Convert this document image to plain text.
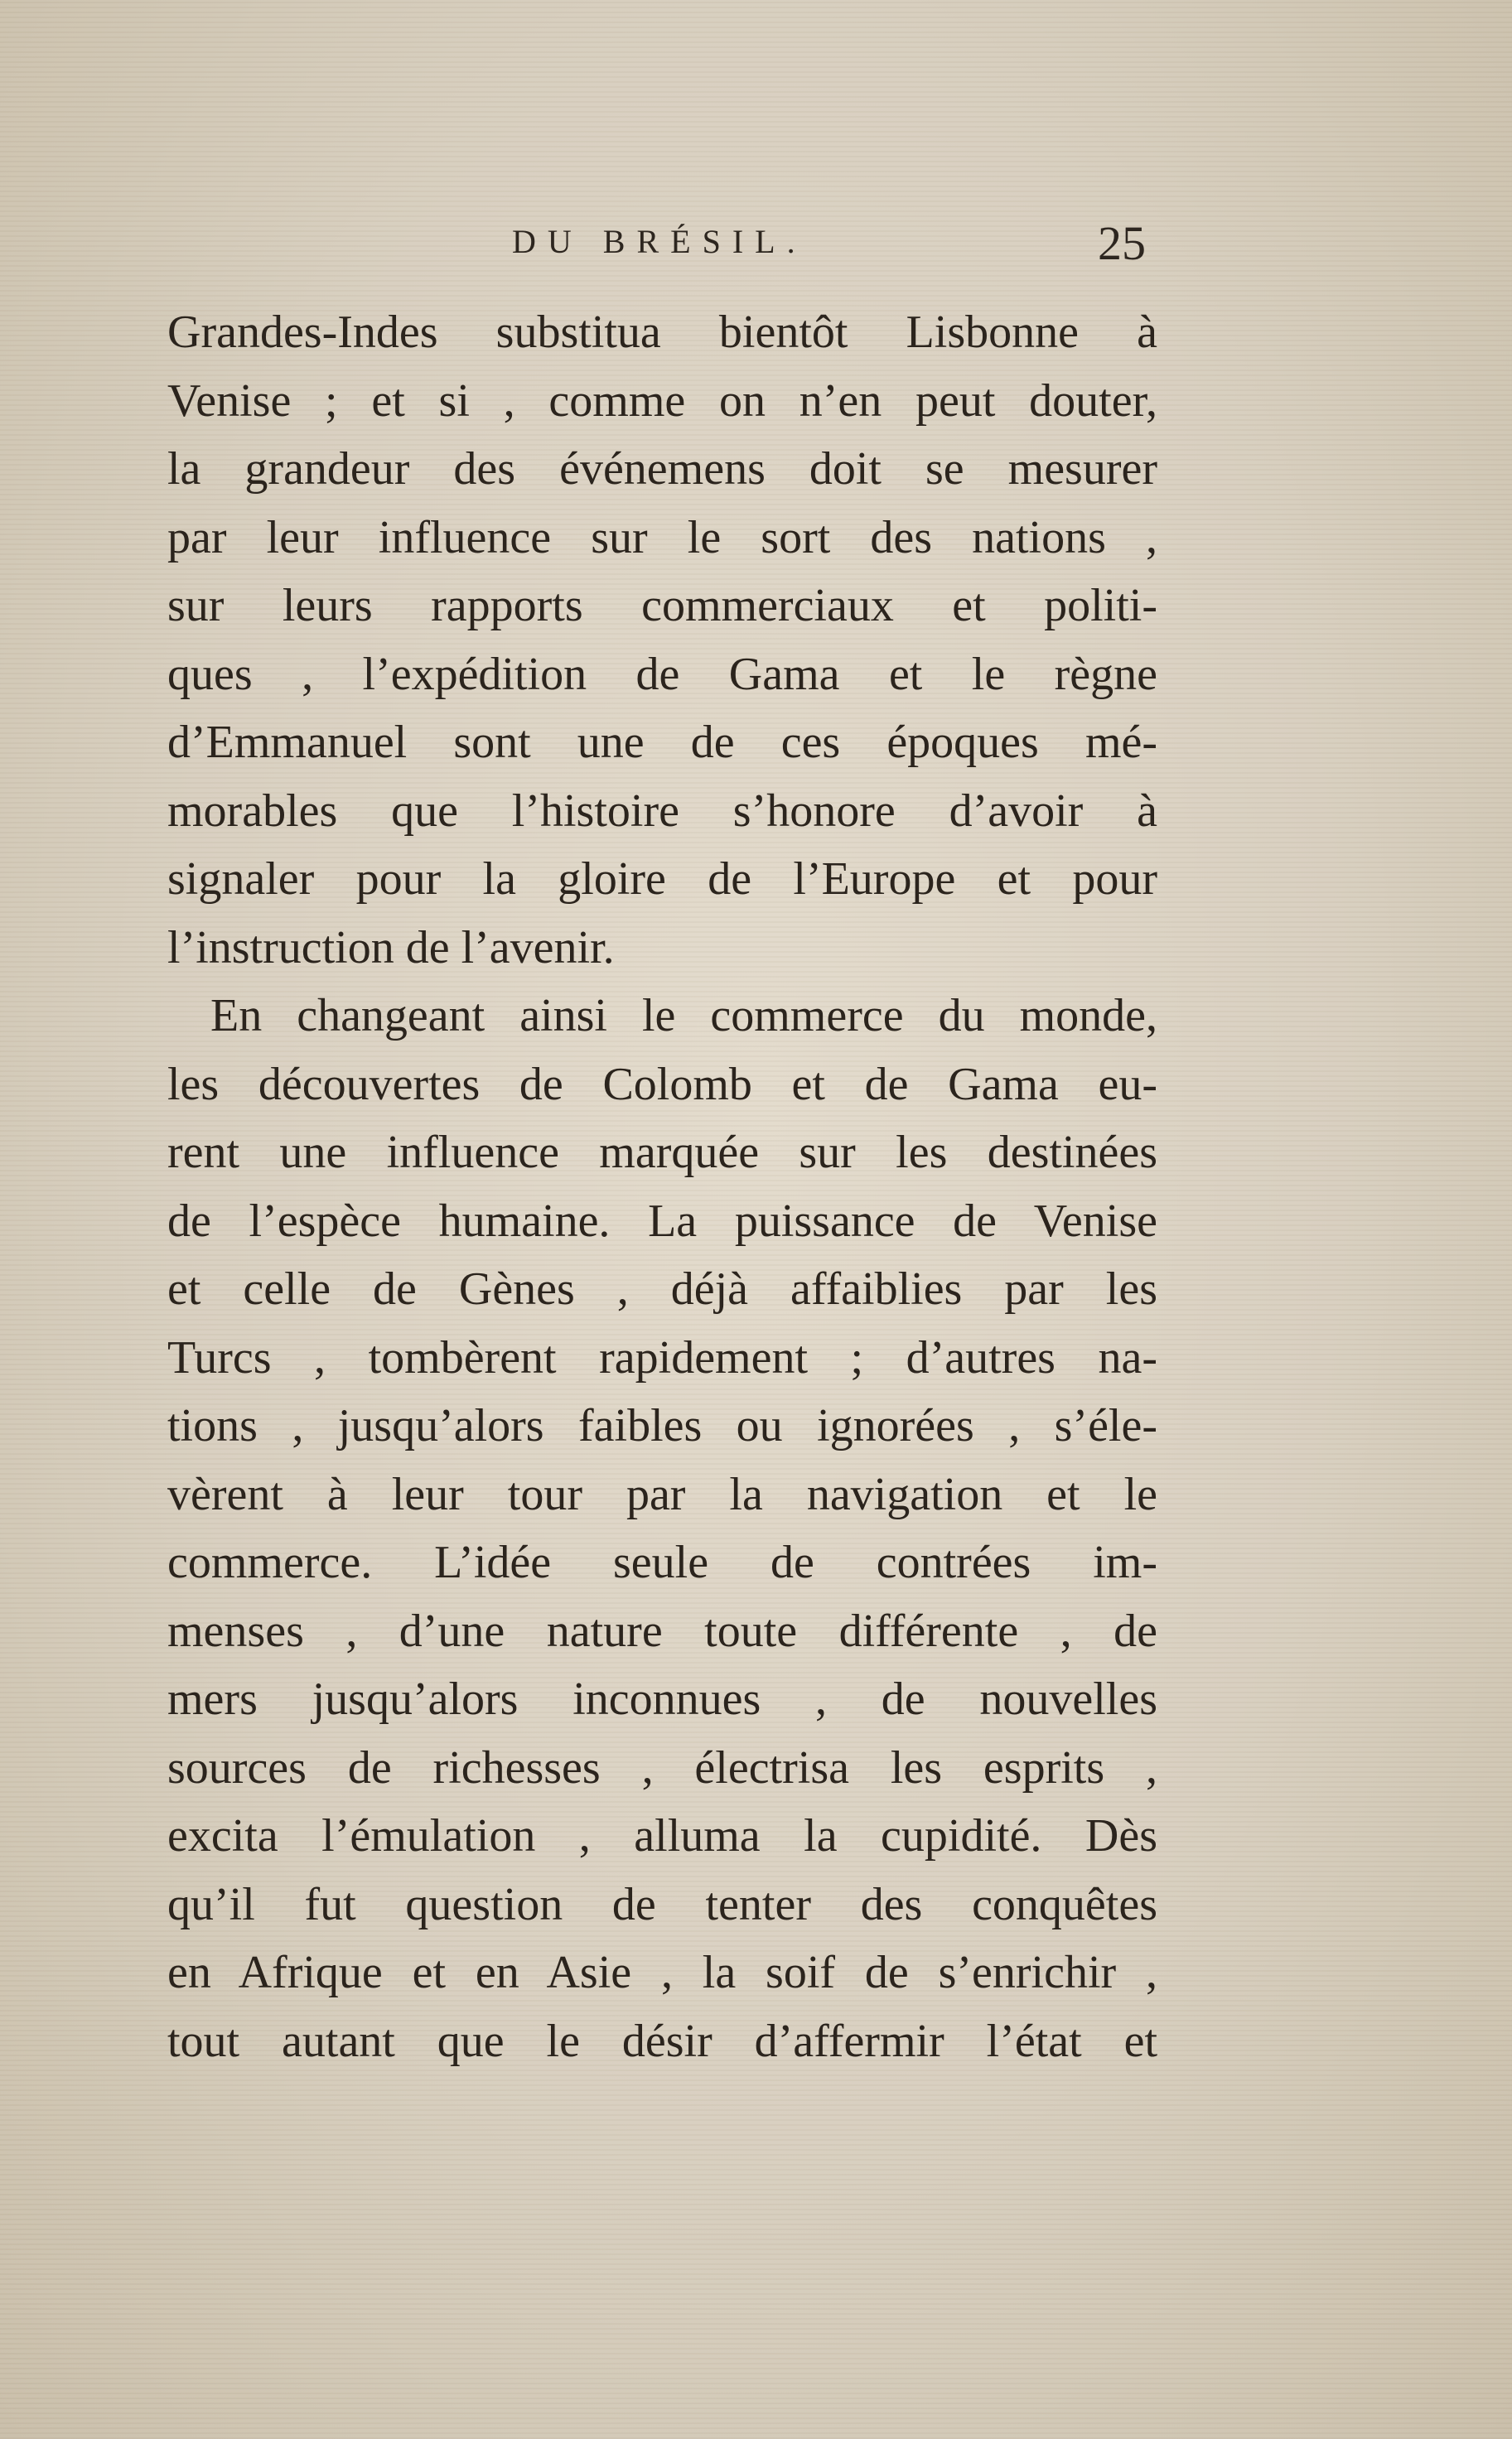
DU BRÉSIL.	25
Grandes-Indes substitua bientôt Lisbonne à
Venise ; et si , comme on n’en peut douter,
la grandeur des événemens doit se mesurer
par leur influence sur le sort des nations ,
sur leurs rapports commerciaux et politi-
ques , l’expédition de Gama et le règne
d’Emmanuel sont une de ces époques mé-
morables que l’histoire s’honore d’avoir à
signaler pour la gloire de l’Europe et pour
l’instruction de l’avenir.
En changeant ainsi le commerce du monde,
les découvertes de Colomb et de Gama eu-
rent une influence marquée sur les destinées
de l’espèce humaine. La puissance de Venise
et celle de Gènes , déjà affaiblies par les
Turcs , tombèrent rapidement ; d’autres na-
tions , jusqu’alors faibles ou ignorées , s’éle-
vèrent à leur tour par la navigation et le
commerce. L’idée seule de contrées im-
menses , d’une nature toute différente , de
mers jusqu’alors inconnues , de nouvelles
sources de richesses , électrisa les esprits ,
excita l’émulation , alluma la cupidité. Dès
qu’il fut question de tenter des conquêtes
en Afrique et en Asie , la soif de s’enrichir ,
tout autant que le désir d’affermir l’état et
